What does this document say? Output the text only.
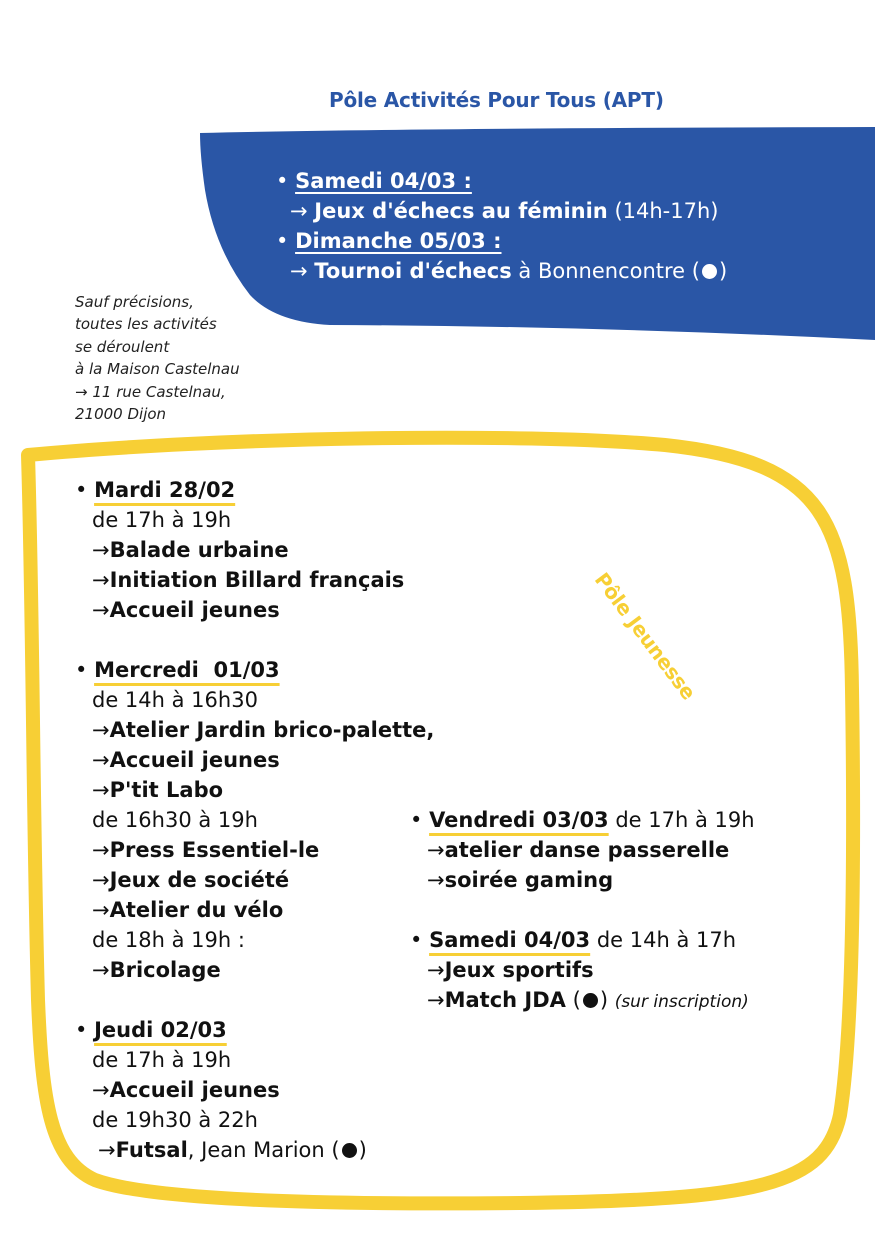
Pôle Activités Pour Tous (APT)
• Samedi 04/03 :
→ Jeux d'échecs au féminin (14h-17h)
• Dimanche 05/03 :
→ Tournoi d'échecs à Bonnencontre ( )
Sauf précisions,
toutes les activités
se déroulent
à la Maison Castelnau
→ 11 rue Castelnau,
21000 Dijon
Pôle Jeunesse
• Mardi 28/02
de 17h à 19h
→Balade urbaine
→Initiation Billard français
→Accueil jeunes
• Mercredi  01/03
de 14h à 16h30
→Atelier Jardin brico-palette,
→Accueil jeunes
→P'tit Labo
de 16h30 à 19h
→Press Essentiel-le
→Jeux de société
→Atelier du vélo
de 18h à 19h :
→Bricolage
• Jeudi 02/03
de 17h à 19h
→Accueil jeunes
de 19h30 à 22h
→Futsal, Jean Marion ( )
• Vendredi 03/03 de 17h à 19h
→atelier danse passerelle
→soirée gaming
• Samedi 04/03 de 14h à 17h
→Jeux sportifs
→Match JDA ( ) (sur inscription)
